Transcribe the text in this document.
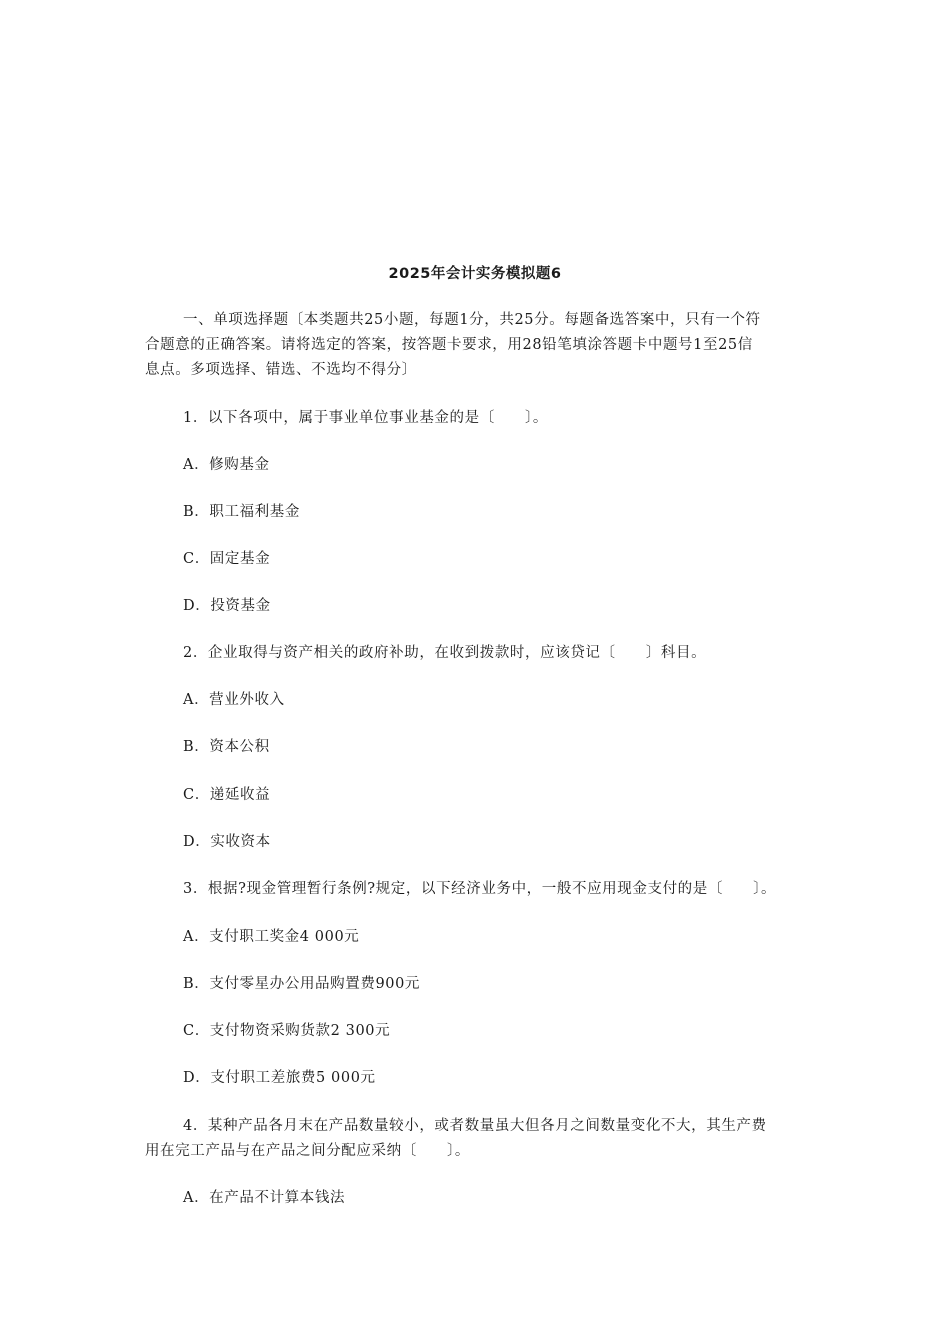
2025年会计实务模拟题6
一、单项选择题〔本类题共25小题，每题1分，共25分。每题备选答案中，只有一个符
合题意的正确答案。请将选定的答案，按答题卡要求，用28铅笔填涂答题卡中题号1至25信
息点。多项选择、错选、不选均不得分〕
1．以下各项中，属于事业单位事业基金的是〔　　〕。
A．修购基金
B．职工福利基金
C．固定基金
D．投资基金
2．企业取得与资产相关的政府补助，在收到拨款时，应该贷记〔　　〕科目。
A．营业外收入
B．资本公积
C．递延收益
D．实收资本
3．根据?现金管理暂行条例?规定，以下经济业务中，一般不应用现金支付的是〔　　〕。
A．支付职工奖金4 000元
B．支付零星办公用品购置费900元
C．支付物资采购货款2 300元
D．支付职工差旅费5 000元
4．某种产品各月末在产品数量较小，或者数量虽大但各月之间数量变化不大，其生产费
用在完工产品与在产品之间分配应采纳〔　　〕。
A．在产品不计算本钱法
